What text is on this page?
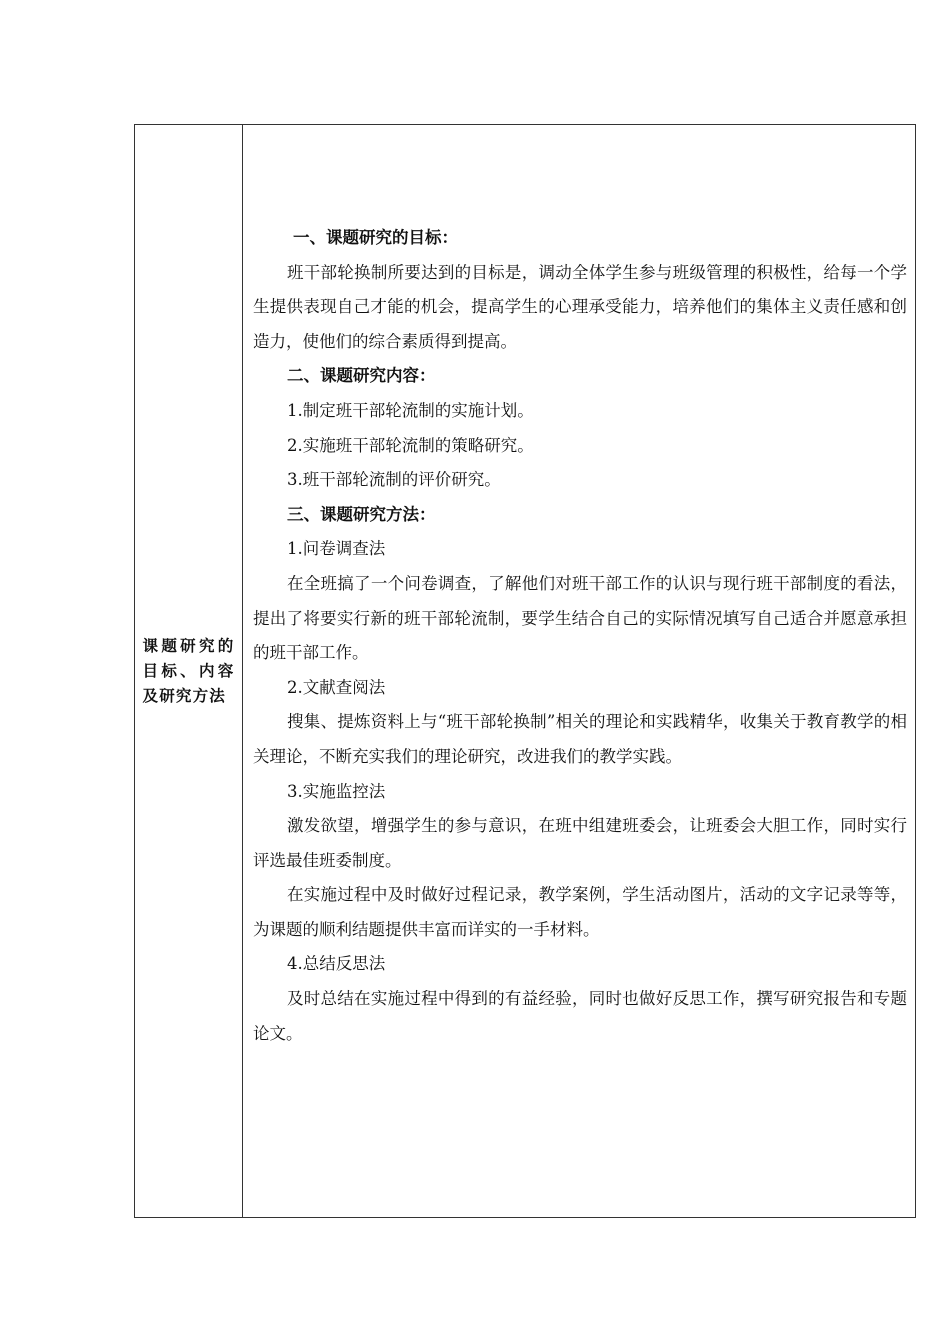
课题研究的目标、内容及研究方法

一、课题研究的目标：

班干部轮换制所要达到的目标是，调动全体学生参与班级管理的积极性，给每一个学生提供表现自己才能的机会，提高学生的心理承受能力，培养他们的集体主义责任感和创造力，使他们的综合素质得到提高。

二、课题研究内容：

1.制定班干部轮流制的实施计划。

2.实施班干部轮流制的策略研究。

3.班干部轮流制的评价研究。

三、课题研究方法：

1.问卷调查法

在全班搞了一个问卷调查，了解他们对班干部工作的认识与现行班干部制度的看法，提出了将要实行新的班干部轮流制，要学生结合自己的实际情况填写自己适合并愿意承担的班干部工作。

2.文献查阅法

搜集、提炼资料上与“班干部轮换制”相关的理论和实践精华，收集关于教育教学的相关理论，不断充实我们的理论研究，改进我们的教学实践。

3.实施监控法

激发欲望，增强学生的参与意识，在班中组建班委会，让班委会大胆工作，同时实行评选最佳班委制度。

在实施过程中及时做好过程记录，教学案例，学生活动图片，活动的文字记录等等，为课题的顺利结题提供丰富而详实的一手材料。

4.总结反思法

及时总结在实施过程中得到的有益经验，同时也做好反思工作，撰写研究报告和专题论文。
